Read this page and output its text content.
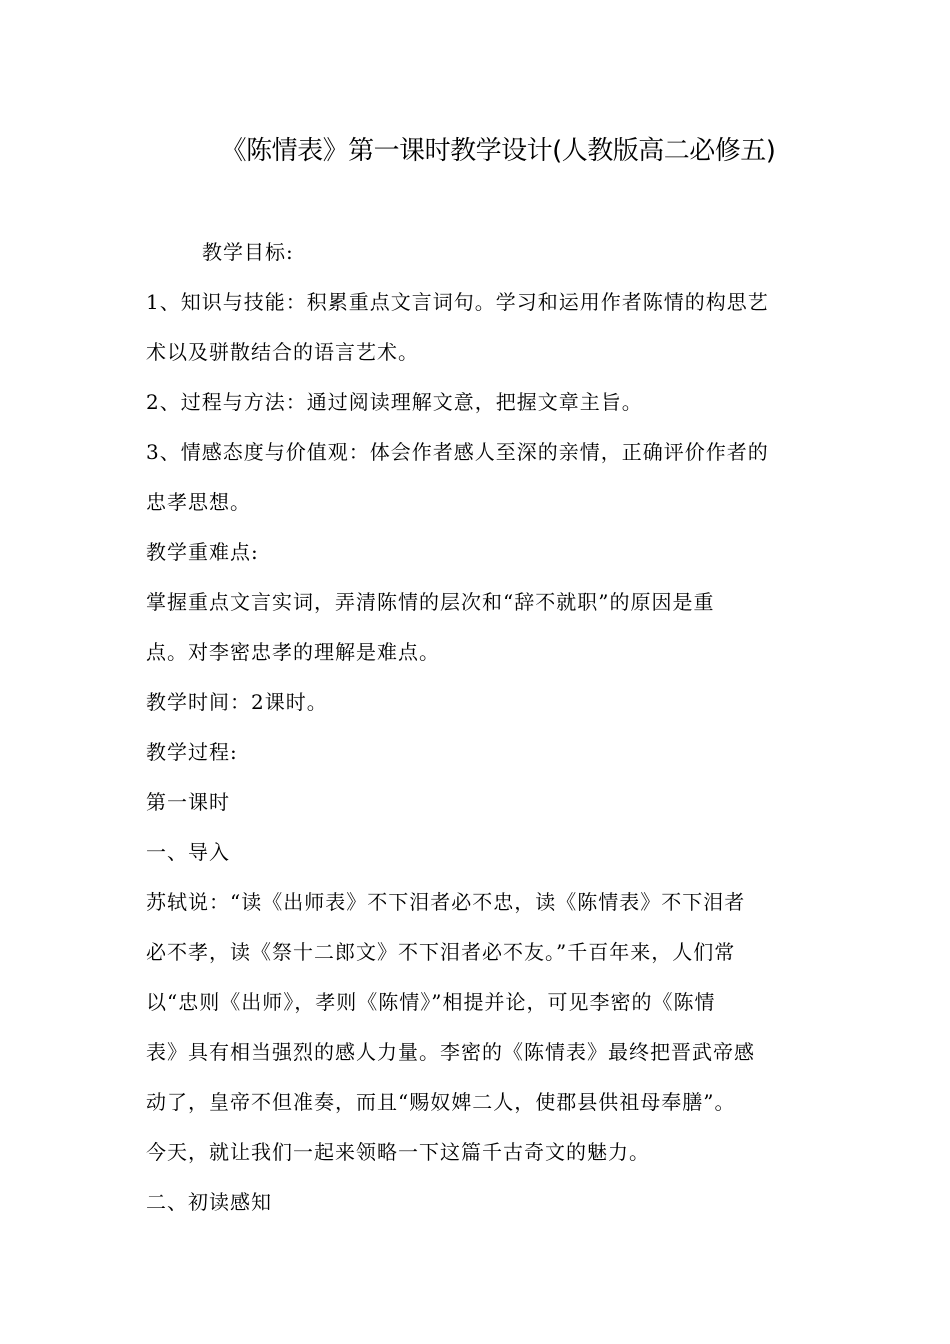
《陈情表》第一课时教学设计(人教版高二必修五)
教学目标:
1、知识与技能：积累重点文言词句。学习和运用作者陈情的构思艺
术以及骈散结合的语言艺术。
2、过程与方法：通过阅读理解文意，把握文章主旨。
3、情感态度与价值观：体会作者感人至深的亲情，正确评价作者的
忠孝思想。
教学重难点:
掌握重点文言实词，弄清陈情的层次和“辞不就职”的原因是重
点。对李密忠孝的理解是难点。
教学时间：2课时。
教学过程:
第一课时
一、导入
苏轼说：“读《出师表》不下泪者必不忠，读《陈情表》不下泪者
必不孝，读《祭十二郎文》不下泪者必不友。”千百年来，人们常
以“忠则《出师》，孝则《陈情》”相提并论，可见李密的《陈情
表》具有相当强烈的感人力量。李密的《陈情表》最终把晋武帝感
动了，皇帝不但准奏，而且“赐奴婢二人，使郡县供祖母奉膳”。
今天，就让我们一起来领略一下这篇千古奇文的魅力。
二、初读感知
